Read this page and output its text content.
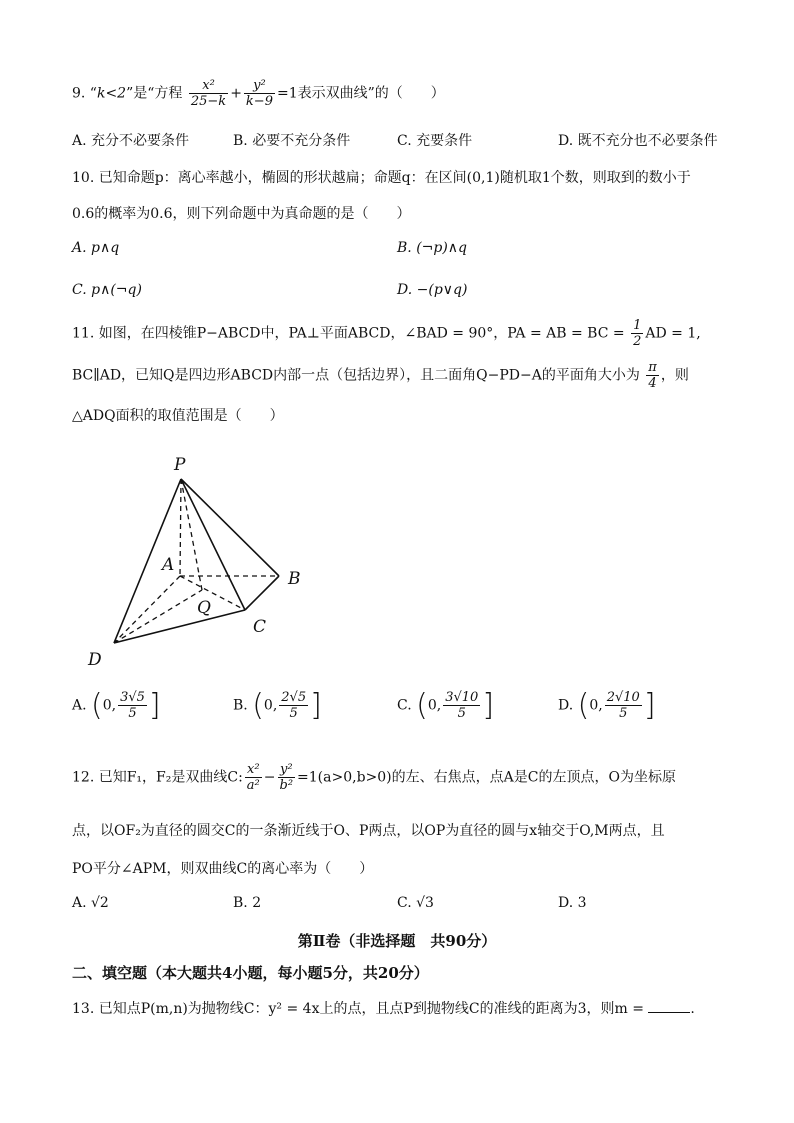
9. “k<2”是“方程 $\frac{\text{x²}}{25-k} + \frac{\text{y²}}{k-9} =1$表示双曲线”的（　　）
A. 充分不必要条件	B. 必要不充分条件	C. 充要条件	D. 既不充分也不必要条件
10. 已知命题p：离心率越小，椭圆的形状越扁；命题q：在区间(0,1)随机取1个数，则取到的数小于
0.6的概率为0.6，则下列命题中为真命题的是（　　）
A. p∧q	B. (¬p)∧q
C. p∧(¬q)	D. −(p∨q)
11. 如图，在四棱锥P−ABCD中，PA⊥平面ABCD，∠BAD = 90°，PA = AB = BC = $\frac{1}{2}$ AD = 1,
BC∥AD，已知Q是四边形ABCD内部一点（包括边界），且二面角Q−PD−A的平面角大小为 $\frac{\pi}{4}$ ，则
△ADQ面积的取值范围是（　　）
P
A
B
Q
C
D
A. (0, $\frac{3√5}{5}$ ]	B. (0, $\frac{2√5}{5}$ ]	C. (0, $\frac{3√10}{5}$ ]	D. (0, $\frac{2√10}{5}$ ]
12. 已知F₁，F₂是双曲线C: $\frac{\text{x²}}{\text{a²}} - \frac{\text{y²}}{\text{b²}} =1(a>0,b>0)$的左、右焦点，点A是C的左顶点，O为坐标原
点，以OF₂为直径的圆交C的一条渐近线于O、P两点，以OP为直径的圆与x轴交于O,M两点，且
PO平分∠APM，则双曲线C的离心率为（　　）
A. √2	B. 2	C. √3	D. 3
第Ⅱ卷（非选择题　共90分）
二、填空题（本大题共4小题，每小题5分，共20分）
13. 已知点P(m,n)为抛物线C：y² = 4x上的点，且点P到抛物线C的准线的距离为3，则m =	.
